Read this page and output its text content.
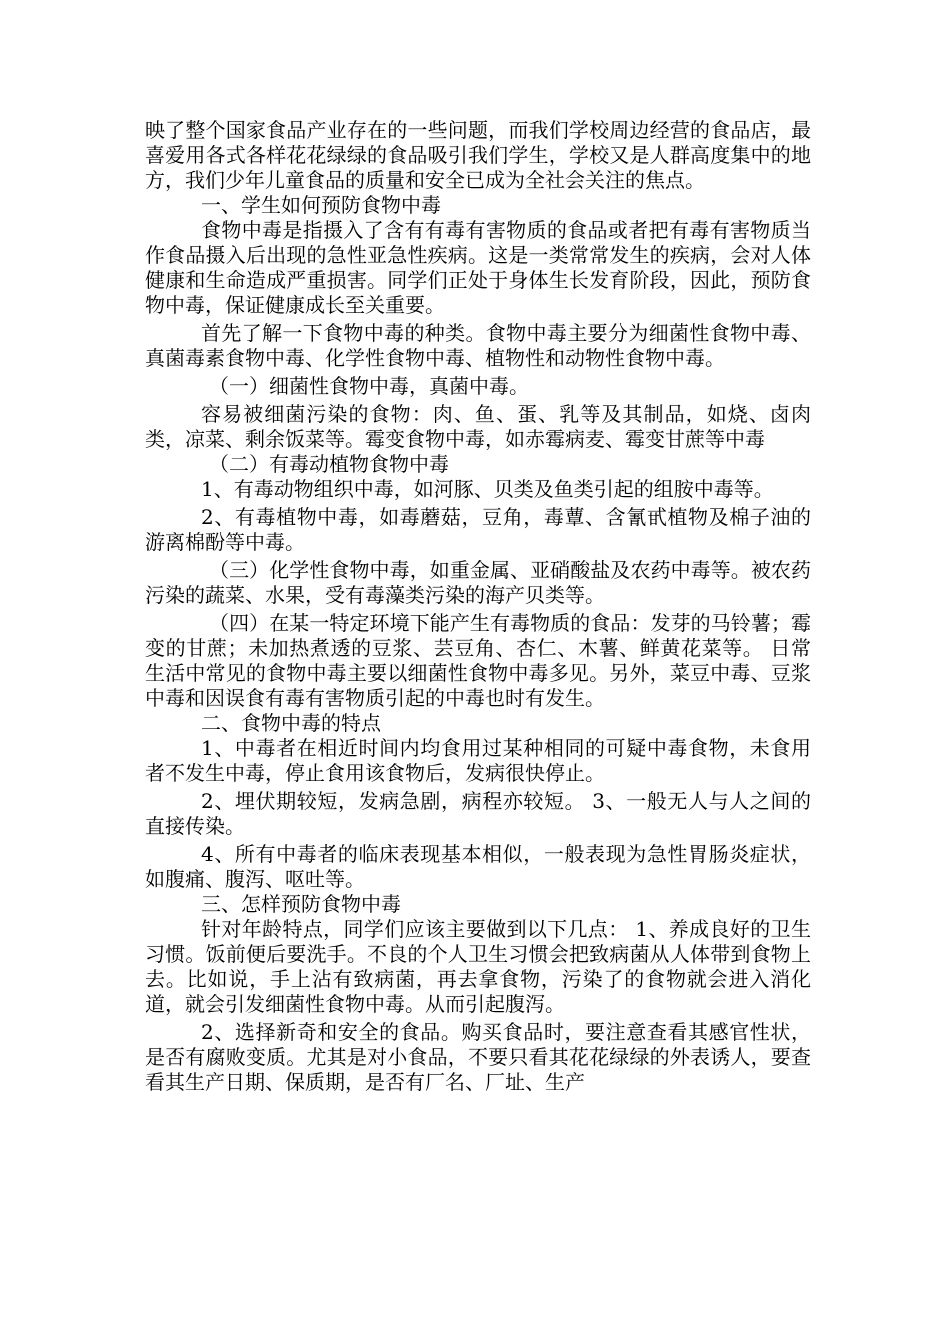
映了整个国家食品产业存在的一些问题，而我们学校周边经营的食品店，最喜爱用各式各样花花绿绿的食品吸引我们学生，学校又是人群高度集中的地方，我们少年儿童食品的质量和安全已成为全社会关注的焦点。

一、学生如何预防食物中毒

食物中毒是指摄入了含有有毒有害物质的食品或者把有毒有害物质当作食品摄入后出现的急性亚急性疾病。这是一类常常发生的疾病，会对人体健康和生命造成严重损害。同学们正处于身体生长发育阶段，因此，预防食物中毒，保证健康成长至关重要。

首先了解一下食物中毒的种类。食物中毒主要分为细菌性食物中毒、真菌毒素食物中毒、化学性食物中毒、植物性和动物性食物中毒。

（一）细菌性食物中毒，真菌中毒。

容易被细菌污染的食物：肉、鱼、蛋、乳等及其制品，如烧、卤肉类，凉菜、剩余饭菜等。霉变食物中毒，如赤霉病麦、霉变甘蔗等中毒

（二）有毒动植物食物中毒

1、有毒动物组织中毒，如河豚、贝类及鱼类引起的组胺中毒等。

2、有毒植物中毒，如毒蘑菇，豆角，毒蕈、含氰甙植物及棉子油的游离棉酚等中毒。

（三）化学性食物中毒，如重金属、亚硝酸盐及农药中毒等。被农药污染的蔬菜、水果，受有毒藻类污染的海产贝类等。

（四）在某一特定环境下能产生有毒物质的食品：发芽的马铃薯；霉变的甘蔗；未加热煮透的豆浆、芸豆角、杏仁、木薯、鲜黄花菜等。 日常生活中常见的食物中毒主要以细菌性食物中毒多见。另外，菜豆中毒、豆浆中毒和因误食有毒有害物质引起的中毒也时有发生。

二、食物中毒的特点

1、中毒者在相近时间内均食用过某种相同的可疑中毒食物，未食用者不发生中毒，停止食用该食物后，发病很快停止。

2、埋伏期较短，发病急剧，病程亦较短。 3、一般无人与人之间的直接传染。

4、所有中毒者的临床表现基本相似，一般表现为急性胃肠炎症状，如腹痛、腹泻、呕吐等。

三、怎样预防食物中毒

针对年龄特点，同学们应该主要做到以下几点： 1、养成良好的卫生习惯。饭前便后要洗手。不良的个人卫生习惯会把致病菌从人体带到食物上去。比如说，手上沾有致病菌，再去拿食物，污染了的食物就会进入消化道，就会引发细菌性食物中毒。从而引起腹泻。

2、选择新奇和安全的食品。购买食品时，要注意查看其感官性状，是否有腐败变质。尤其是对小食品，不要只看其花花绿绿的外表诱人，要查看其生产日期、保质期，是否有厂名、厂址、生产
